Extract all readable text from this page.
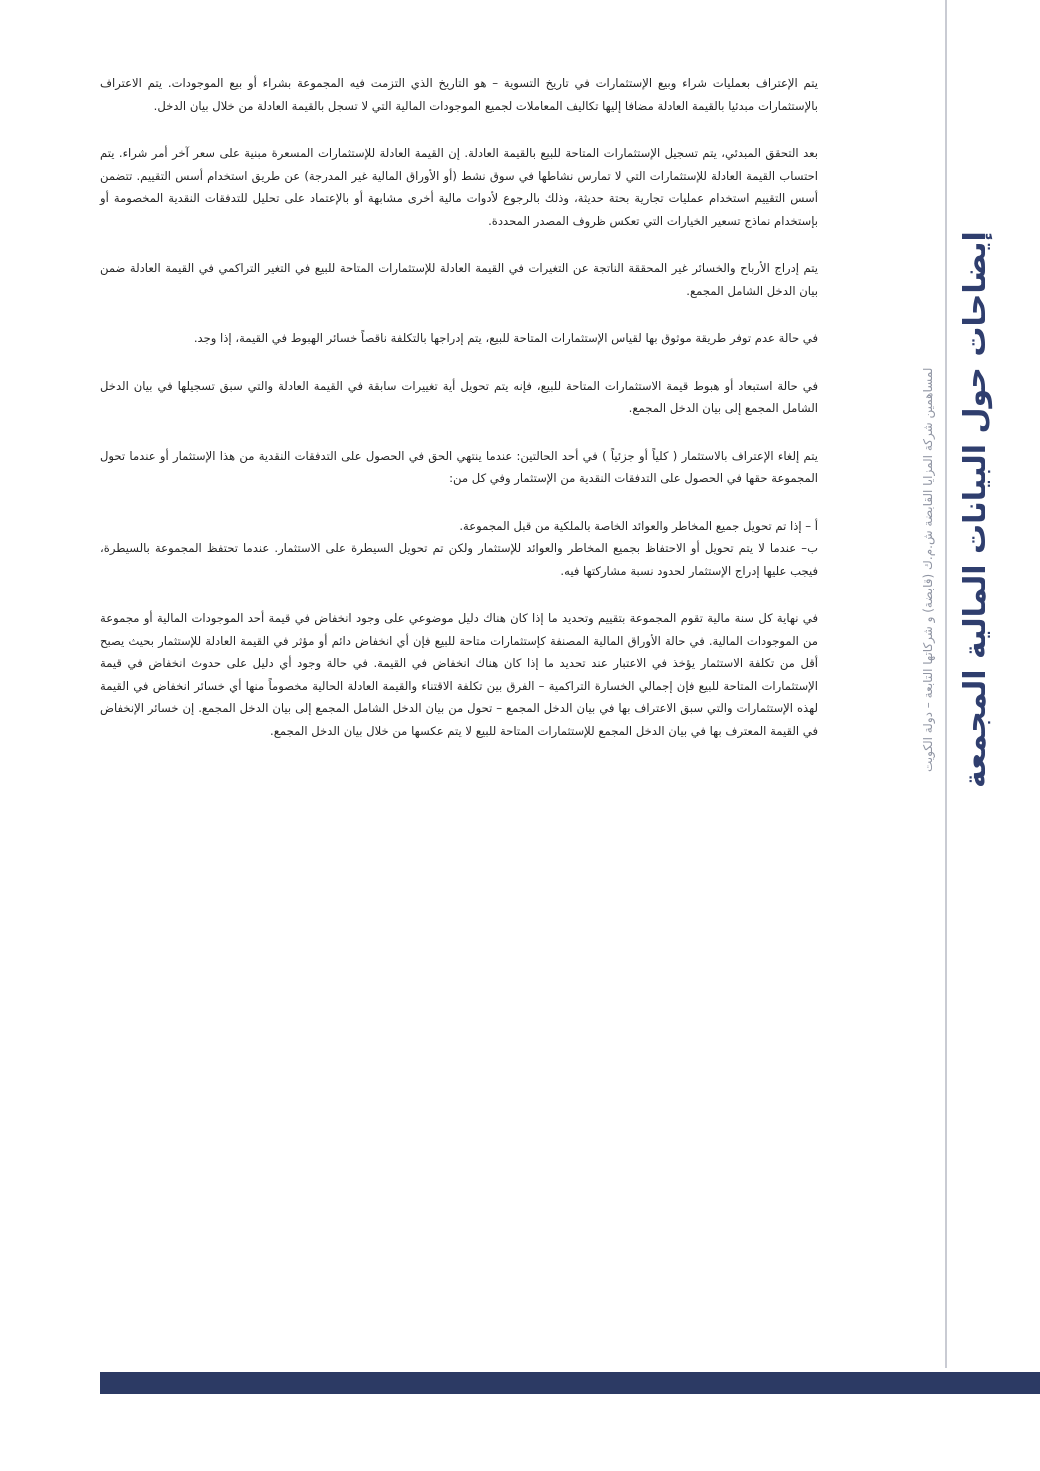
يتم الإعتراف بعمليات شراء وبيع الإستثمارات في تاريخ التسوية – هو التاريخ الذي التزمت فيه المجموعة بشراء أو بيع الموجودات. يتم الاعتراف بالإستثمارات مبدئيا بالقيمة العادلة مضافا إليها تكاليف المعاملات لجميع الموجودات المالية التي لا تسجل بالقيمة العادلة من خلال بيان الدخل.

بعد التحقق المبدئي، يتم تسجيل الإستثمارات المتاحة للبيع بالقيمة العادلة. إن القيمة العادلة للإستثمارات المسعرة مبنية على سعر آخر أمر شراء. يتم احتساب القيمة العادلة للإستثمارات التي لا تمارس نشاطها في سوق نشط (أو الأوراق المالية غير المدرجة) عن طريق استخدام أسس التقييم. تتضمن أسس التقييم استخدام عمليات تجارية بحتة حديثة، وذلك بالرجوع لأدوات مالية أخرى مشابهة أو بالإعتماد على تحليل للتدفقات النقدية المخصومة أو بإستخدام نماذج تسعير الخيارات التي تعكس ظروف المصدر المحددة.

يتم إدراج الأرباح والخسائر غير المحققة الناتجة عن التغيرات في القيمة العادلة للإستثمارات المتاحة للبيع في التغير التراكمي في القيمة العادلة ضمن بيان الدخل الشامل المجمع.

في حالة عدم توفر طريقة موثوق بها لقياس الإستثمارات المتاحة للبيع، يتم إدراجها بالتكلفة ناقصاً خسائر الهبوط في القيمة، إذا وجد.

في حالة استبعاد أو هبوط قيمة الاستثمارات المتاحة للبيع، فإنه يتم تحويل أية تغييرات سابقة في القيمة العادلة والتي سبق تسجيلها في بيان الدخل الشامل المجمع إلى بيان الدخل المجمع.

يتم إلغاء الإعتراف بالاستثمار ( كلياً أو جزئياً ) في أحد الحالتين: عندما ينتهي الحق في الحصول على التدفقات النقدية من هذا الإستثمار أو عندما تحول المجموعة حقها في الحصول على التدفقات النقدية من الإستثمار وفي كل من:

أ – إذا تم تحويل جميع المخاطر والعوائد الخاصة بالملكية من قبل المجموعة.

ب– عندما لا يتم تحويل أو الاحتفاظ بجميع المخاطر والعوائد للإستثمار ولكن تم تحويل السيطرة على الاستثمار. عندما تحتفظ المجموعة بالسيطرة، فيجب عليها إدراج الإستثمار لحدود نسبة مشاركتها فيه.

في نهاية كل سنة مالية تقوم المجموعة بتقييم وتحديد ما إذا كان هناك دليل موضوعي على وجود انخفاض في قيمة أحد الموجودات المالية أو مجموعة من الموجودات المالية. في حالة الأوراق المالية المصنفة كإستثمارات متاحة للبيع فإن أي انخفاض دائم أو مؤثر في القيمة العادلة للإستثمار بحيث يصبح أقل من تكلفة الاستثمار يؤخذ في الاعتبار عند تحديد ما إذا كان هناك انخفاض في القيمة. في حالة وجود أي دليل على حدوث انخفاض في قيمة الإستثمارات المتاحة للبيع فإن إجمالي الخسارة التراكمية – الفرق بين تكلفة الاقتناء والقيمة العادلة الحالية مخصوماً منها أي خسائر انخفاض في القيمة لهذه الإستثمارات والتي سبق الاعتراف بها في بيان الدخل المجمع – تحول من بيان الدخل الشامل المجمع إلى بيان الدخل المجمع. إن خسائر الإنخفاض في القيمة المعترف بها في بيان الدخل المجمع للإستثمارات المتاحة للبيع لا يتم عكسها من خلال بيان الدخل المجمع.	إيضاحات حول البيانات المالية المجمعة
لمساهمين شركة المزايا القابضة ش.م.ك (قابضة) و شركاتها التابعة – دولة الكويت
